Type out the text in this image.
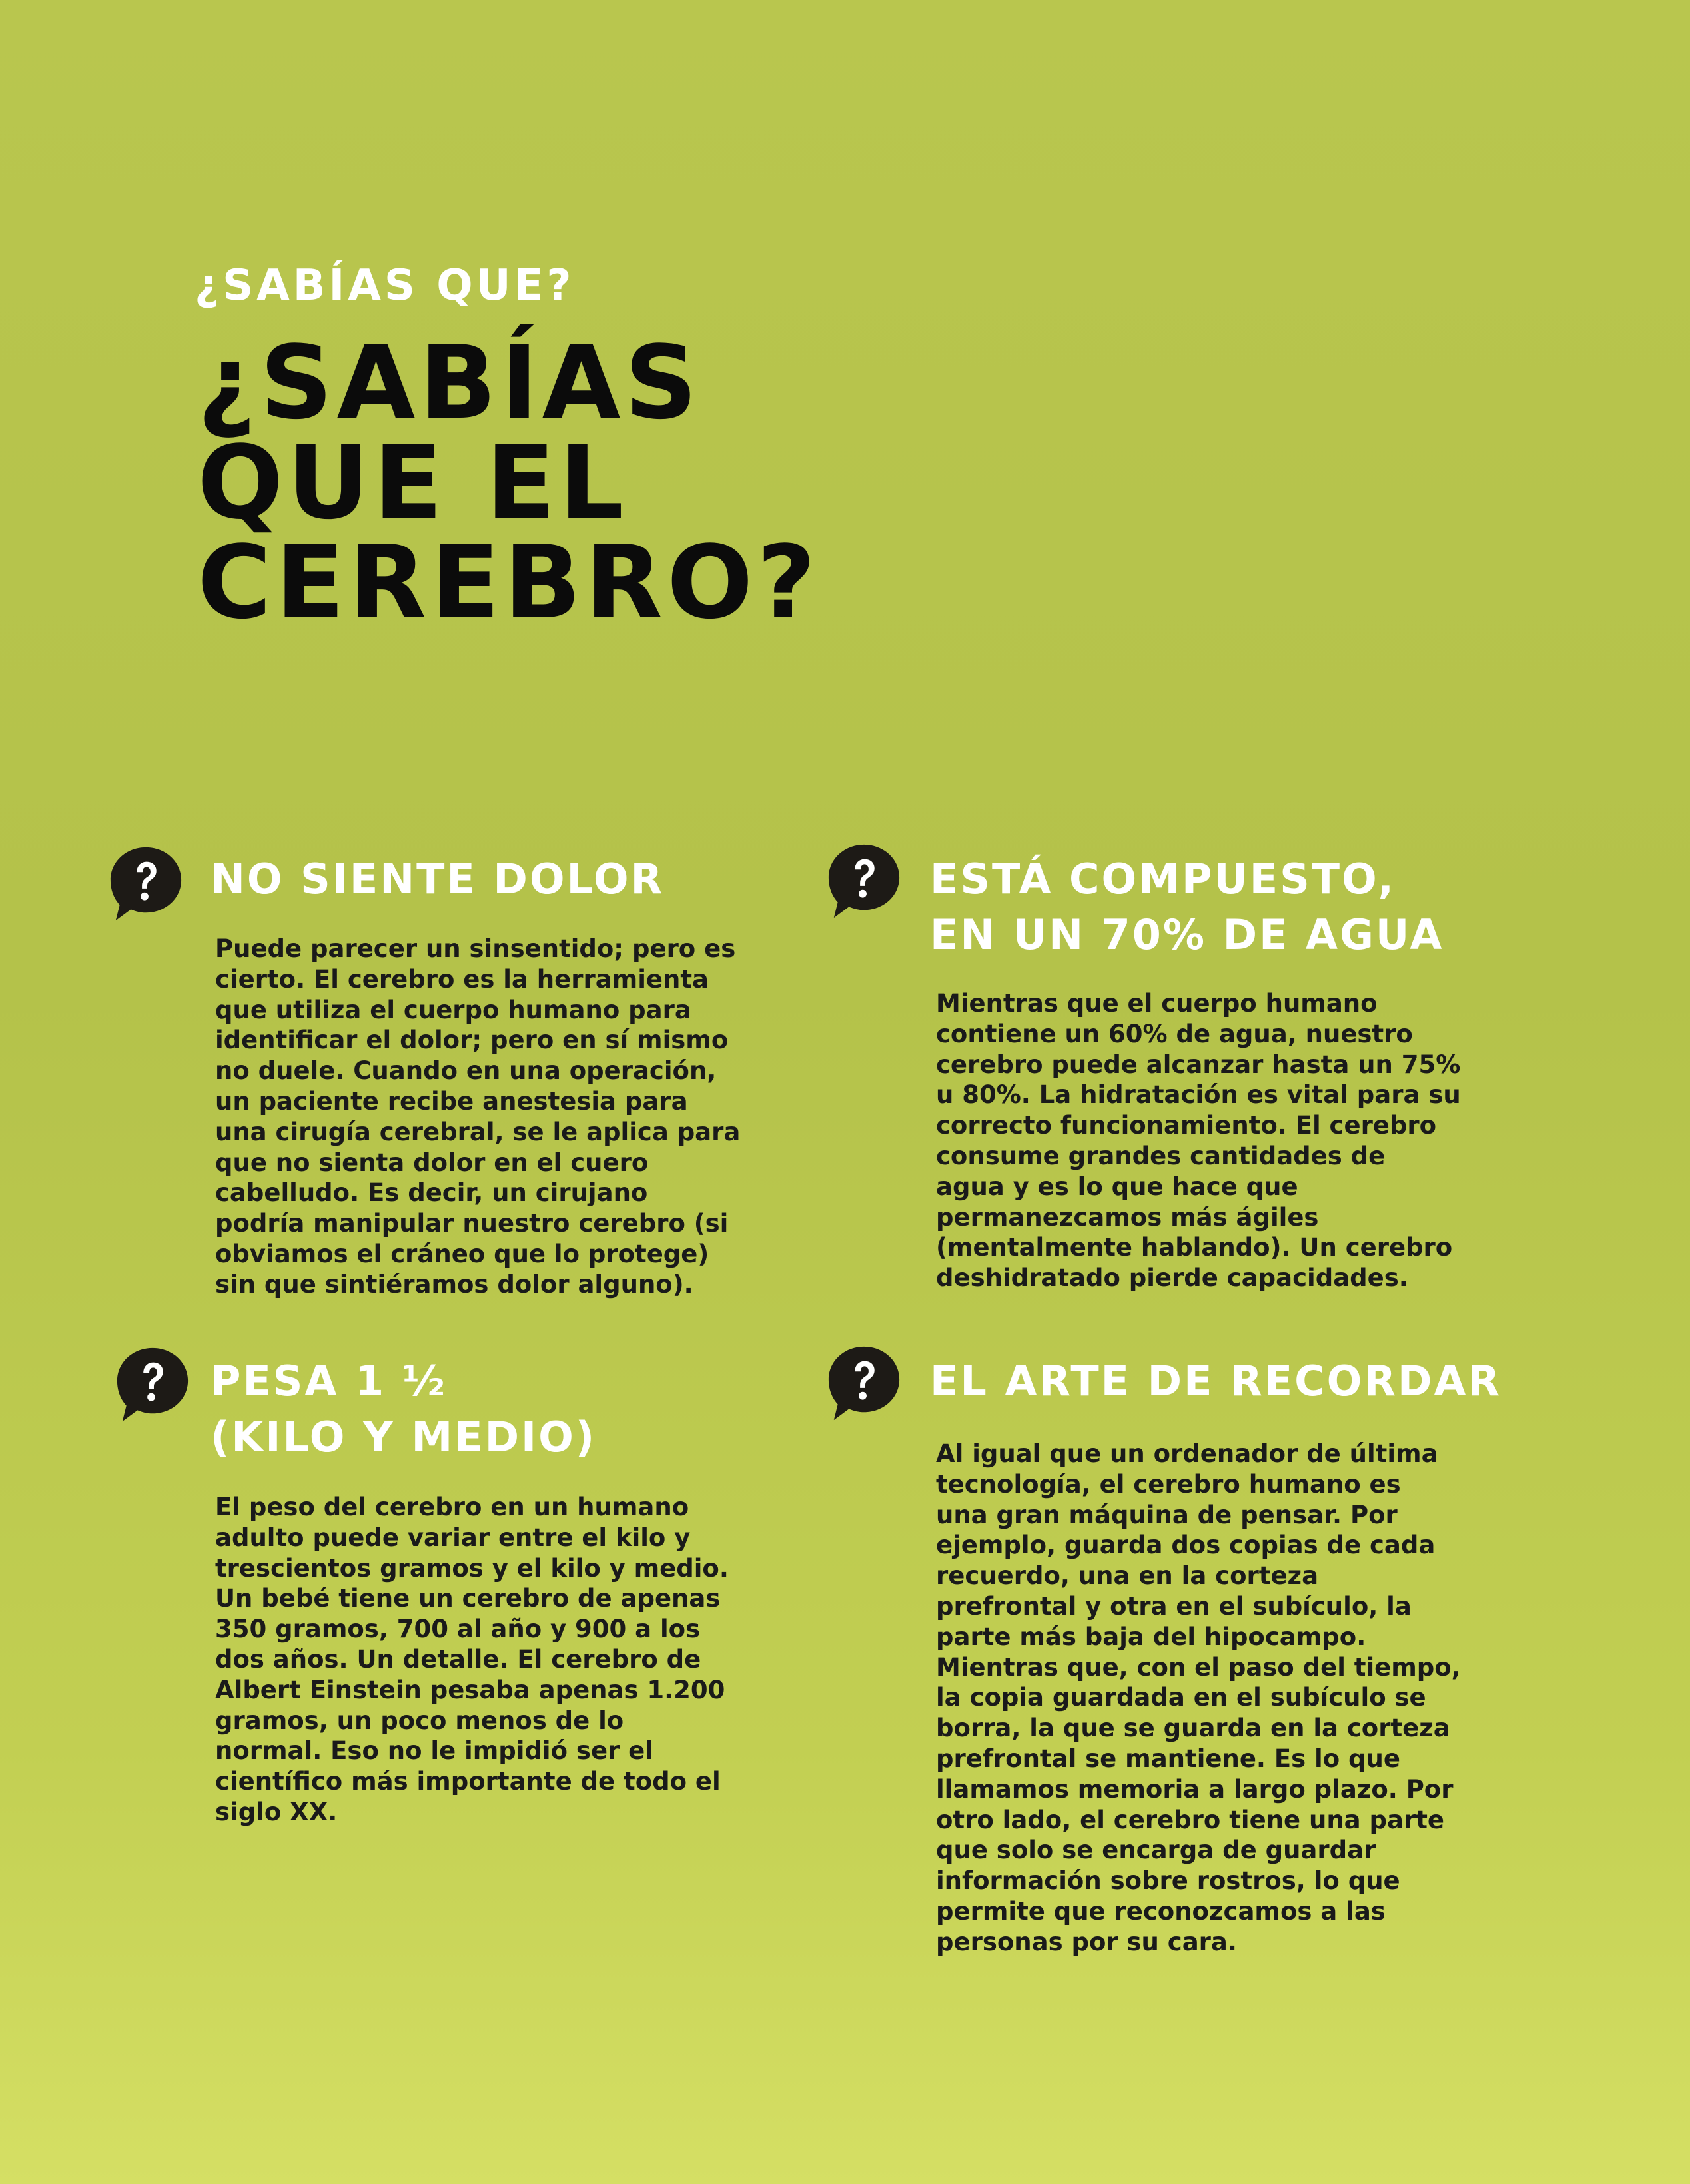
¿SABÍAS QUE?
¿SABÍAS
QUE EL
CEREBRO?
NO SIENTE DOLOR

Puede parecer un sinsentido; pero es
cierto. El cerebro es la herramienta
que utiliza el cuerpo humano para
identificar el dolor; pero en sí mismo
no duele. Cuando en una operación,
un paciente recibe anestesia para
una cirugía cerebral, se le aplica para
que no sienta dolor en el cuero
cabelludo. Es decir, un cirujano
podría manipular nuestro cerebro (si
obviamos el cráneo que lo protege)
sin que sintiéramos dolor alguno).

ESTÁ COMPUESTO,
EN UN 70% DE AGUA

Mientras que el cuerpo humano
contiene un 60% de agua, nuestro
cerebro puede alcanzar hasta un 75%
u 80%. La hidratación es vital para su
correcto funcionamiento. El cerebro
consume grandes cantidades de
agua y es lo que hace que
permanezcamos más ágiles
(mentalmente hablando). Un cerebro
deshidratado pierde capacidades.

PESA 1 ½
(KILO Y MEDIO)

El peso del cerebro en un humano
adulto puede variar entre el kilo y
trescientos gramos y el kilo y medio.
Un bebé tiene un cerebro de apenas
350 gramos, 700 al año y 900 a los
dos años. Un detalle. El cerebro de
Albert Einstein pesaba apenas 1.200
gramos, un poco menos de lo
normal. Eso no le impidió ser el
científico más importante de todo el
siglo XX.

EL ARTE DE RECORDAR

Al igual que un ordenador de última
tecnología, el cerebro humano es
una gran máquina de pensar. Por
ejemplo, guarda dos copias de cada
recuerdo, una en la corteza
prefrontal y otra en el subículo, la
parte más baja del hipocampo.
Mientras que, con el paso del tiempo,
la copia guardada en el subículo se
borra, la que se guarda en la corteza
prefrontal se mantiene. Es lo que
llamamos memoria a largo plazo. Por
otro lado, el cerebro tiene una parte
que solo se encarga de guardar
información sobre rostros, lo que
permite que reconozcamos a las
personas por su cara.
